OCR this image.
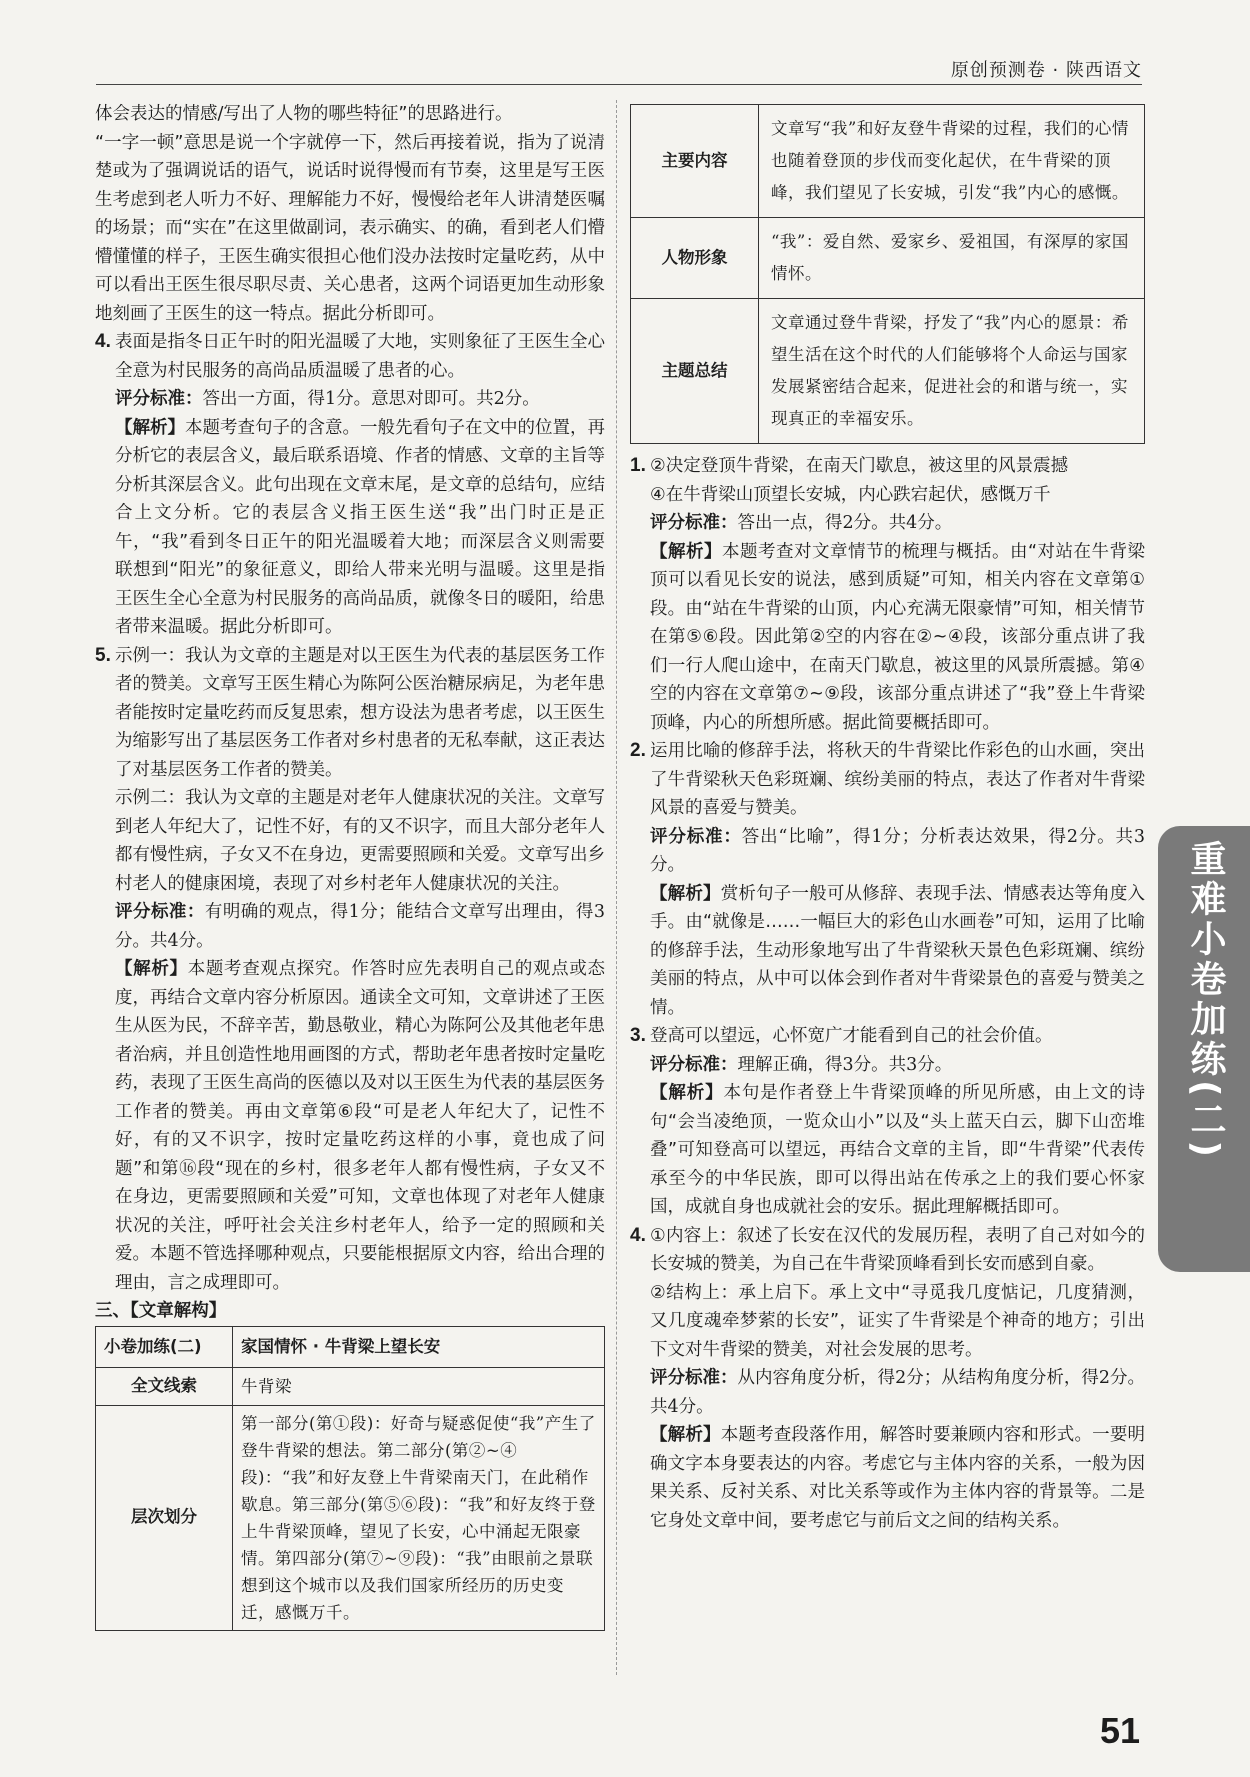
原创预测卷 · 陕西语文

体会表达的情感/写出了人物的哪些特征”的思路进行。

“一字一顿”意思是说一个字就停一下，然后再接着说，指为了说清楚或为了强调说话的语气，说话时说得慢而有节奏，这里是写王医生考虑到老人听力不好、理解能力不好，慢慢给老年人讲清楚医嘱的场景；而“实在”在这里做副词，表示确实、的确，看到老人们懵懵懂懂的样子，王医生确实很担心他们没办法按时定量吃药，从中可以看出王医生很尽职尽责、关心患者，这两个词语更加生动形象地刻画了王医生的这一特点。据此分析即可。

4. 表面是指冬日正午时的阳光温暖了大地，实则象征了王医生全心全意为村民服务的高尚品质温暖了患者的心。

评分标准：答出一方面，得1分。意思对即可。共2分。

【解析】本题考查句子的含意。一般先看句子在文中的位置，再分析它的表层含义，最后联系语境、作者的情感、文章的主旨等分析其深层含义。此句出现在文章末尾，是文章的总结句，应结合上文分析。它的表层含义指王医生送“我”出门时正是正午，“我”看到冬日正午的阳光温暖着大地；而深层含义则需要联想到“阳光”的象征意义，即给人带来光明与温暖。这里是指王医生全心全意为村民服务的高尚品质，就像冬日的暖阳，给患者带来温暖。据此分析即可。

5. 示例一：我认为文章的主题是对以王医生为代表的基层医务工作者的赞美。文章写王医生精心为陈阿公医治糖尿病足，为老年患者能按时定量吃药而反复思索，想方设法为患者考虑，以王医生为缩影写出了基层医务工作者对乡村患者的无私奉献，这正表达了对基层医务工作者的赞美。

示例二：我认为文章的主题是对老年人健康状况的关注。文章写到老人年纪大了，记性不好，有的又不识字，而且大部分老年人都有慢性病，子女又不在身边，更需要照顾和关爱。文章写出乡村老人的健康困境，表现了对乡村老年人健康状况的关注。

评分标准：有明确的观点，得1分；能结合文章写出理由，得3分。共4分。

【解析】本题考查观点探究。作答时应先表明自己的观点或态度，再结合文章内容分析原因。通读全文可知，文章讲述了王医生从医为民，不辞辛苦，勤恳敬业，精心为陈阿公及其他老年患者治病，并且创造性地用画图的方式，帮助老年患者按时定量吃药，表现了王医生高尚的医德以及对以王医生为代表的基层医务工作者的赞美。再由文章第⑥段“可是老人年纪大了，记性不好，有的又不识字，按时定量吃药这样的小事，竟也成了问题”和第⑯段“现在的乡村，很多老年人都有慢性病，子女又不在身边，更需要照顾和关爱”可知，文章也体现了对老年人健康状况的关注，呼吁社会关注乡村老年人，给予一定的照顾和关爱。本题不管选择哪种观点，只要能根据原文内容，给出合理的理由，言之成理即可。

三、【文章解构】

小卷加练(二)	家国情怀 · 牛背梁上望长安
全文线索	牛背梁
层次划分	第一部分(第①段)：好奇与疑惑促使“我”产生了登牛背梁的想法。第二部分(第②~④段)：“我”和好友登上牛背梁南天门，在此稍作歇息。第三部分(第⑤⑥段)：“我”和好友终于登上牛背梁顶峰，望见了长安，心中涌起无限豪情。第四部分(第⑦~⑨段)：“我”由眼前之景联想到这个城市以及我们国家所经历的历史变迁，感慨万千。
主要内容	文章写“我”和好友登牛背梁的过程，我们的心情也随着登顶的步伐而变化起伏，在牛背梁的顶峰，我们望见了长安城，引发“我”内心的感慨。
人物形象	“我”：爱自然、爱家乡、爱祖国，有深厚的家国情怀。
主题总结	文章通过登牛背梁，抒发了“我”内心的愿景：希望生活在这个时代的人们能够将个人命运与国家发展紧密结合起来，促进社会的和谐与统一，实现真正的幸福安乐。
1. ②决定登顶牛背梁，在南天门歇息，被这里的风景震撼

④在牛背梁山顶望长安城，内心跌宕起伏，感慨万千

评分标准：答出一点，得2分。共4分。

【解析】本题考查对文章情节的梳理与概括。由“对站在牛背梁顶可以看见长安的说法，感到质疑”可知，相关内容在文章第①段。由“站在牛背梁的山顶，内心充满无限豪情”可知，相关情节在第⑤⑥段。因此第②空的内容在②~④段，该部分重点讲了我们一行人爬山途中，在南天门歇息，被这里的风景所震撼。第④空的内容在文章第⑦~⑨段，该部分重点讲述了“我”登上牛背梁顶峰，内心的所想所感。据此简要概括即可。

2. 运用比喻的修辞手法，将秋天的牛背梁比作彩色的山水画，突出了牛背梁秋天色彩斑斓、缤纷美丽的特点，表达了作者对牛背梁风景的喜爱与赞美。

评分标准：答出“比喻”，得1分；分析表达效果，得2分。共3分。

【解析】赏析句子一般可从修辞、表现手法、情感表达等角度入手。由“就像是……一幅巨大的彩色山水画卷”可知，运用了比喻的修辞手法，生动形象地写出了牛背梁秋天景色色彩斑斓、缤纷美丽的特点，从中可以体会到作者对牛背梁景色的喜爱与赞美之情。

3. 登高可以望远，心怀宽广才能看到自己的社会价值。

评分标准：理解正确，得3分。共3分。

【解析】本句是作者登上牛背梁顶峰的所见所感，由上文的诗句“会当凌绝顶，一览众山小”以及“头上蓝天白云，脚下山峦堆叠”可知登高可以望远，再结合文章的主旨，即“牛背梁”代表传承至今的中华民族，即可以得出站在传承之上的我们要心怀家国，成就自身也成就社会的安乐。据此理解概括即可。

4. ①内容上：叙述了长安在汉代的发展历程，表明了自己对如今的长安城的赞美，为自己在牛背梁顶峰看到长安而感到自豪。

②结构上：承上启下。承上文中“寻觅我几度惦记，几度猜测，又几度魂牵梦萦的长安”，证实了牛背梁是个神奇的地方；引出下文对牛背梁的赞美，对社会发展的思考。

评分标准：从内容角度分析，得2分；从结构角度分析，得2分。共4分。

【解析】本题考查段落作用，解答时要兼顾内容和形式。一要明确文字本身要表达的内容。考虑它与主体内容的关系，一般为因果关系、反衬关系、对比关系等或作为主体内容的背景等。二是它身处文章中间，要考虑它与前后文之间的结构关系。

重难小卷加练(二)
51
